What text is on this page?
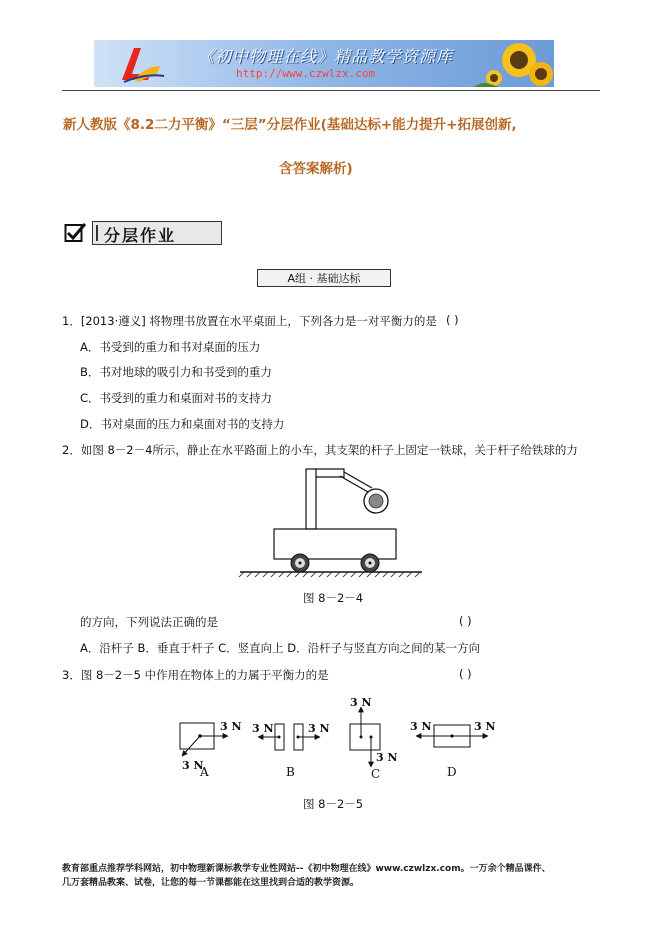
《初中物理在线》精品教学资源库
http://www.czwlzx.com
新人教版《8.2二力平衡》“三层”分层作业(基础达标+能力提升+拓展创新,
含答案解析)
分层作业
A组 · 基础达标
1．[2013·遵义] 将物理书放置在水平桌面上，下列各力是一对平衡力的是 ( )
A．书受到的重力和书对桌面的压力
B．书对地球的吸引力和书受到的重力
C．书受到的重力和桌面对书的支持力
D．书对桌面的压力和桌面对书的支持力
2．如图 8－2－4所示，静止在水平路面上的小车，其支架的杆子上固定一铁球，关于杆子给铁球的力
图 8－2－4
的方向，下列说法正确的是	( )
A．沿杆子 B．垂直于杆子 C．竖直向上 D．沿杆子与竖直方向之间的某一方向
3．图 8－2－5 中作用在物体上的力属于平衡力的是	( )
3 N
3 N
A
3 N	3 N
B
3 N
3 N
C
3 N	3 N
D
图 8－2－5
教育部重点推荐学科网站，初中物理新课标教学专业性网站--《初中物理在线》www.czwlzx.com。一万余个精品课件、
几万套精品教案、试卷，让您的每一节课都能在这里找到合适的教学资源。
